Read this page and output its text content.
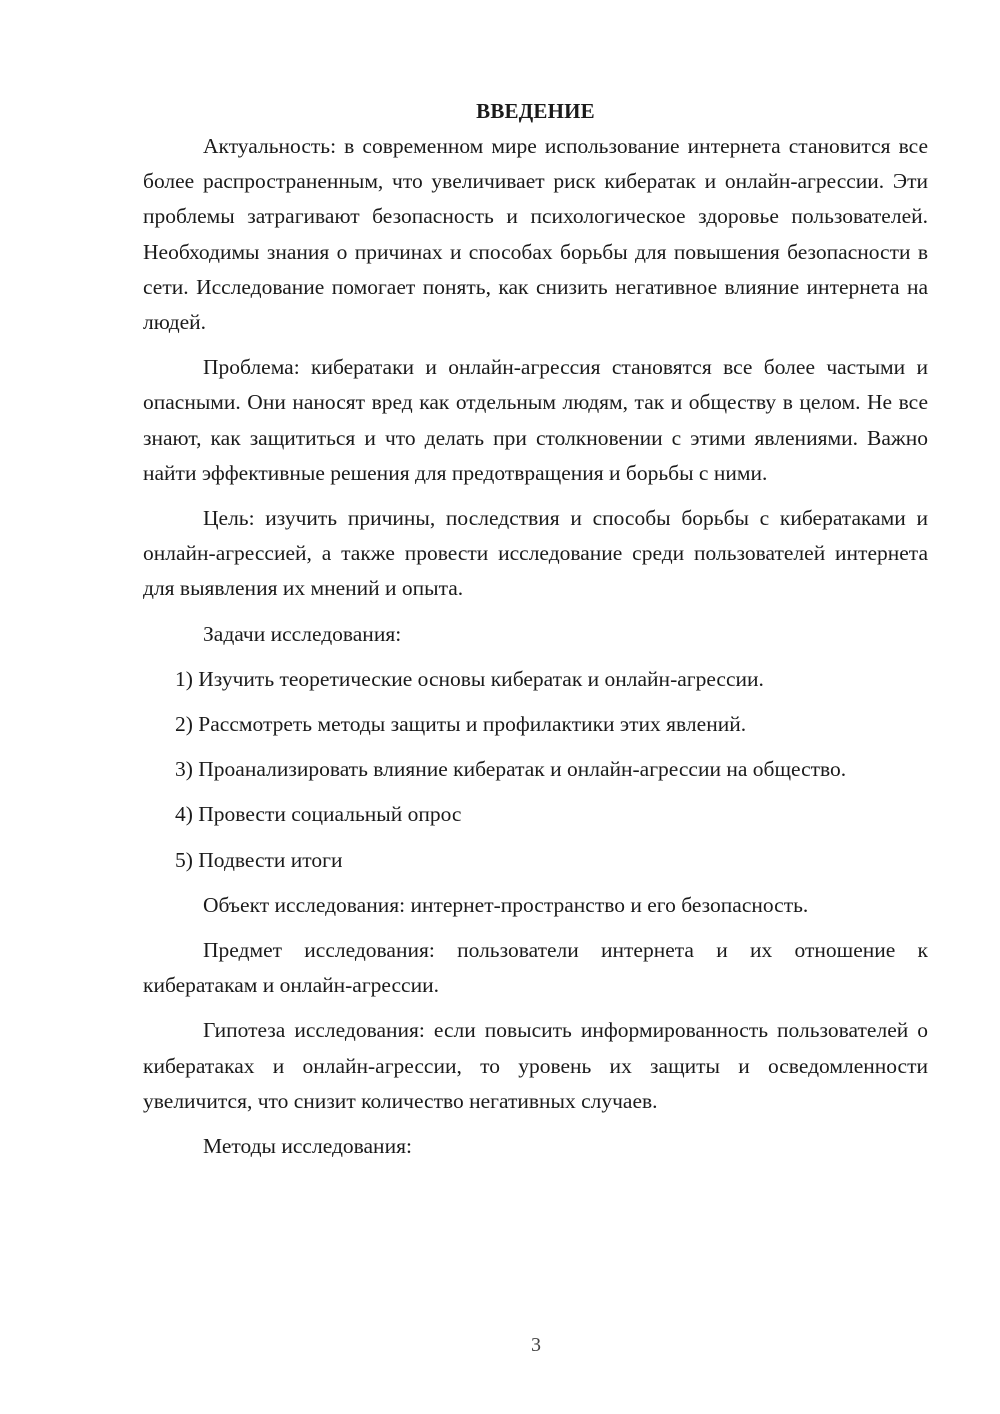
ВВЕДЕНИЕ

Актуальность: в современном мире использование интернета становится все более распространенным, что увеличивает риск кибератак и онлайн-агрессии. Эти проблемы затрагивают безопасность и психологическое здоровье пользователей. Необходимы знания о причинах и способах борьбы для повышения безопасности в сети. Исследование помогает понять, как снизить негативное влияние интернета на людей.

Проблема: кибератаки и онлайн-агрессия становятся все более частыми и опасными. Они наносят вред как отдельным людям, так и обществу в целом. Не все знают, как защититься и что делать при столкновении с этими явлениями. Важно найти эффективные решения для предотвращения и борьбы с ними.

Цель: изучить причины, последствия и способы борьбы с кибератаками и онлайн-агрессией, а также провести исследование среди пользователей интернета для выявления их мнений и опыта.

Задачи исследования:

1) Изучить теоретические основы кибератак и онлайн-агрессии.

2) Рассмотреть методы защиты и профилактики этих явлений.

3) Проанализировать влияние кибератак и онлайн-агрессии на общество.

4) Провести социальный опрос

5) Подвести итоги

Объект исследования: интернет-пространство и его безопасность.

Предмет исследования: пользователи интернета и их отношение к кибератакам и онлайн-агрессии.

Гипотеза исследования: если повысить информированность пользователей о кибератаках и онлайн-агрессии, то уровень их защиты и осведомленности увеличится, что снизит количество негативных случаев.

Методы исследования:

3
